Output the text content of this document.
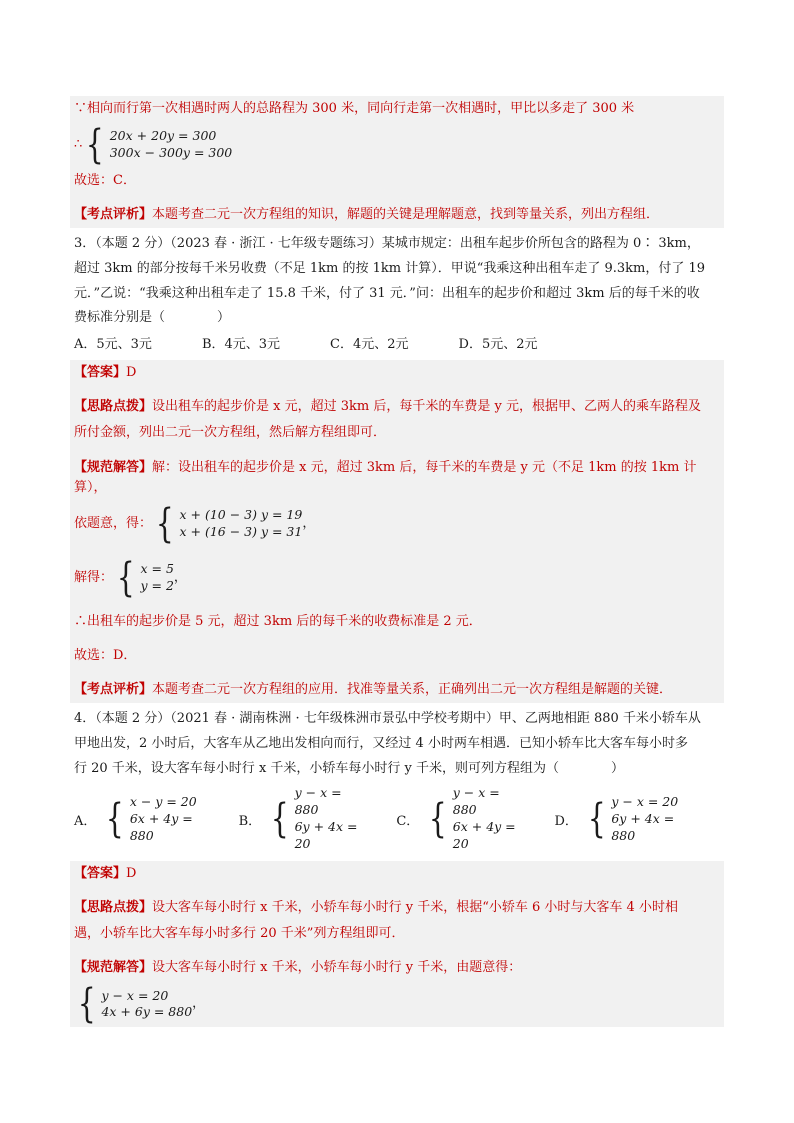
∵相向而行第一次相遇时两人的总路程为 300 米，同向行走第一次相遇时，甲比以多走了 300 米
∴ { 20x + 20y = 300
300x − 300y = 300
故选：C．
【考点评析】本题考查二元一次方程组的知识，解题的关键是理解题意，找到等量关系，列出方程组．
3．（本题 2 分）（2023 春 · 浙江 · 七年级专题练习）某城市规定：出租车起步价所包含的路程为 0∶ 3km，
超过 3km 的部分按每千米另收费（不足 1km 的按 1km 计算）．甲说“我乘这种出租车走了 9.3km，付了 19
元．”乙说：“我乘这种出租车走了 15.8 千米，付了 31 元．”问：出租车的起步价和超过 3km 后的每千米的收
费标准分别是（　　　　）
A．5元、3元	B．4元、3元	C．4元、2元	D．5元、2元
【答案】D
【思路点拨】设出租车的起步价是 x 元，超过 3km 后，每千米的车费是 y 元，根据甲、乙两人的乘车路程及
所付金额，列出二元一次方程组，然后解方程组即可．
【规范解答】解：设出租车的起步价是 x 元，超过 3km 后，每千米的车费是 y 元（不足 1km 的按 1km 计算），
依题意，得： { x + (10 − 3) y = 19
x + (16 − 3) y = 31
，
解得： { x = 5
y = 2
，
∴出租车的起步价是 5 元，超过 3km 后的每千米的收费标准是 2 元．
故选：D．
【考点评析】本题考查二元一次方程组的应用．找准等量关系，正确列出二元一次方程组是解题的关键．
4．（本题 2 分）（2021 春 · 湖南株洲 · 七年级株洲市景弘中学校考期中）甲、乙两地相距 880 千米小轿车从
甲地出发，2 小时后，大客车从乙地出发相向而行，又经过 4 小时两车相遇．已知小轿车比大客车每小时多
行 20 千米，设大客车每小时行 x 千米，小轿车每小时行 y 千米，则可列方程组为（　　　　）
A． { x − y = 20
6x + 4y = 880
B． {
y − x = 880
6y + 4x = 20
C． {
y − x = 880
6x + 4y = 20
D． { y − x = 20
6y + 4x = 880
【答案】D
【思路点拨】设大客车每小时行 x 千米，小轿车每小时行 y 千米，根据“小轿车 6 小时与大客车 4 小时相
遇，小轿车比大客车每小时多行 20 千米”列方程组即可．
【规范解答】设大客车每小时行 x 千米，小轿车每小时行 y 千米，由题意得：
{ y − x = 20
4x + 6y = 880
，
